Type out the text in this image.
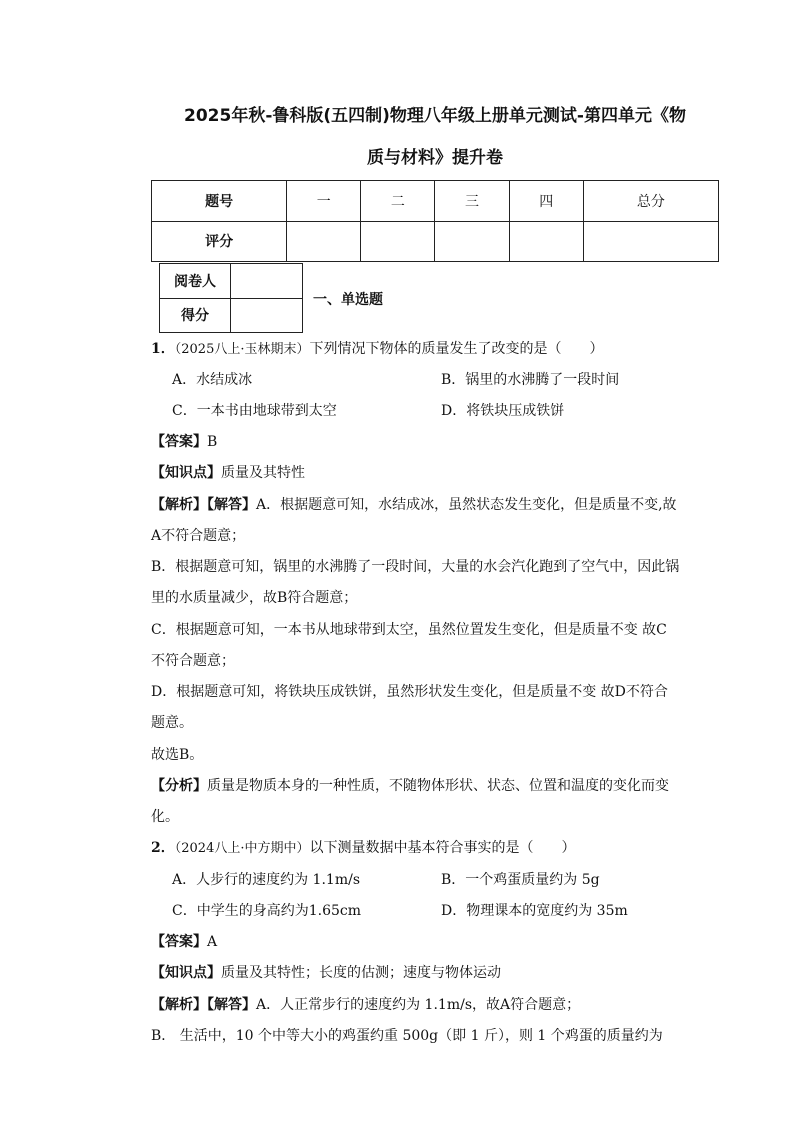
2025年秋-鲁科版(五四制)物理八年级上册单元测试-第四单元《物
质与材料》提升卷
题号	一	二	三	四	总分
评分					
阅卷人	
得分	
一、单选题
1．（2025八上·玉林期末）下列情况下物体的质量发生了改变的是（　　）
A．水结成冰	B．锅里的水沸腾了一段时间
C．一本书由地球带到太空	D．将铁块压成铁饼
【答案】B
【知识点】质量及其特性
【解析】【解答】A．根据题意可知，水结成冰，虽然状态发生变化，但是质量不变,故
A不符合题意；
B．根据题意可知，锅里的水沸腾了一段时间，大量的水会汽化跑到了空气中，因此锅
里的水质量减少，故B符合题意；
C．根据题意可知，一本书从地球带到太空，虽然位置发生变化，但是质量不变 故C
不符合题意；
D．根据题意可知，将铁块压成铁饼，虽然形状发生变化，但是质量不变 故D不符合
题意。
故选B。
【分析】质量是物质本身的一种性质，不随物体形状、状态、位置和温度的变化而变
化。
2．（2024八上·中方期中）以下测量数据中基本符合事实的是（　　）
A．人步行的速度约为 1.1m/s	B．一个鸡蛋质量约为 5g
C．中学生的身高约为1.65cm	D．物理课本的宽度约为 35m
【答案】A
【知识点】质量及其特性；长度的估测；速度与物体运动
【解析】【解答】A．人正常步行的速度约为 1.1m/s，故A符合题意；
B． 生活中，10 个中等大小的鸡蛋约重 500g（即 1 斤），则 1 个鸡蛋的质量约为
